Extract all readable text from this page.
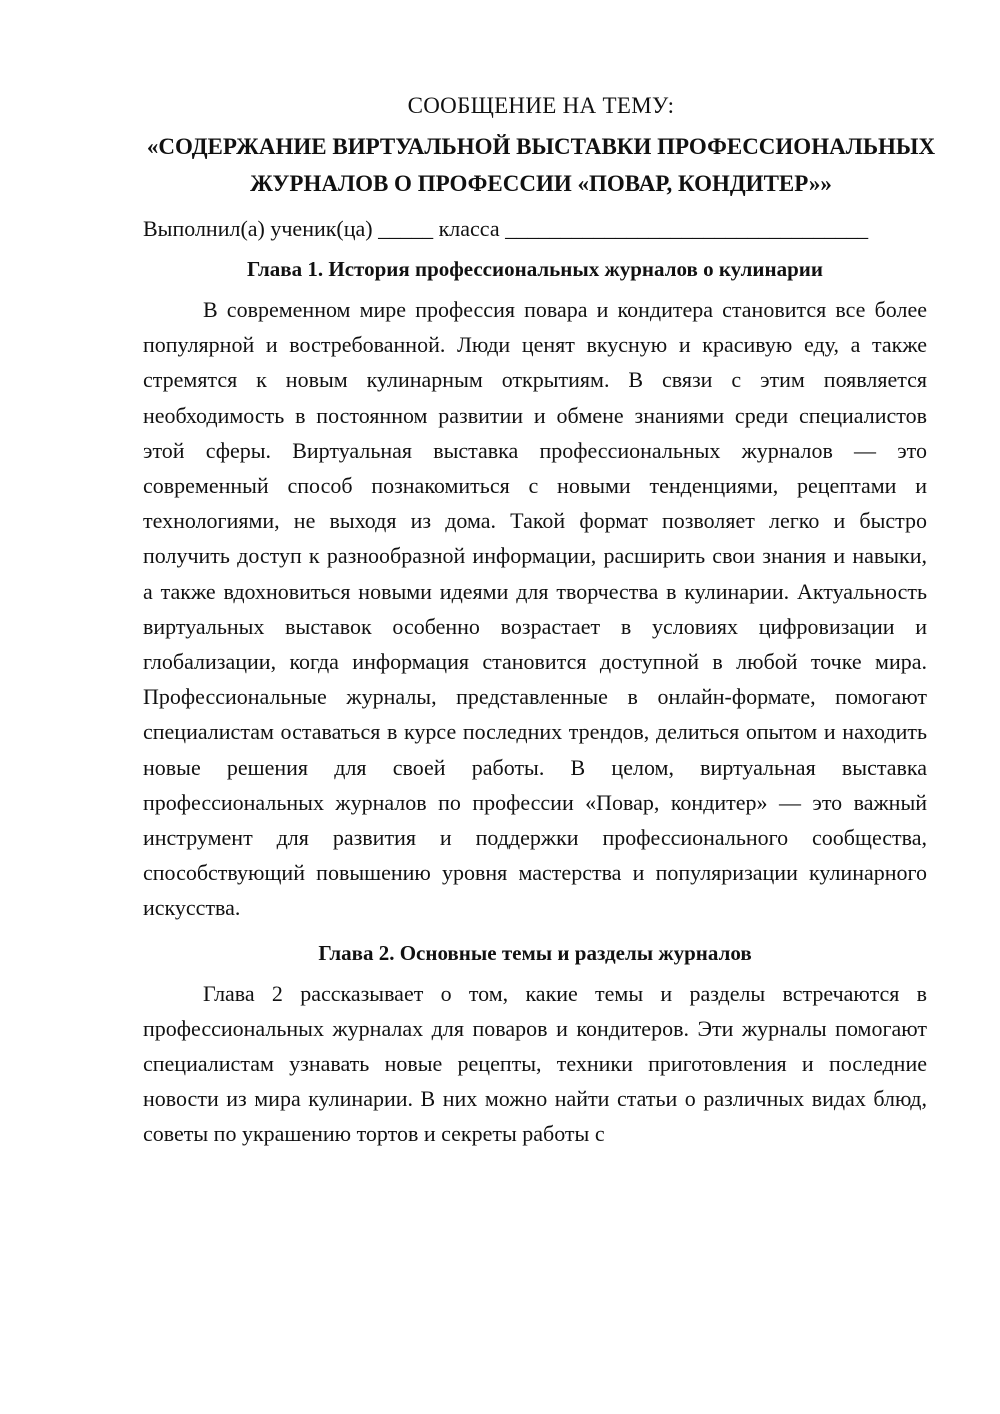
СООБЩЕНИЕ НА ТЕМУ:
«СОДЕРЖАНИЕ ВИРТУАЛЬНОЙ ВЫСТАВКИ ПРОФЕССИОНАЛЬНЫХ ЖУРНАЛОВ О ПРОФЕССИИ «ПОВАР, КОНДИТЕР»»
Выполнил(а) ученик(ца) _____ класса _________________________________
Глава 1. История профессиональных журналов о кулинарии

В современном мире профессия повара и кондитера становится все более популярной и востребованной. Люди ценят вкусную и красивую еду, а также стремятся к новым кулинарным открытиям. В связи с этим появляется необходимость в постоянном развитии и обмене знаниями среди специалистов этой сферы. Виртуальная выставка профессиональных журналов — это современный способ познакомиться с новыми тенденциями, рецептами и технологиями, не выходя из дома. Такой формат позволяет легко и быстро получить доступ к разнообразной информации, расширить свои знания и навыки, а также вдохновиться новыми идеями для творчества в кулинарии. Актуальность виртуальных выставок особенно возрастает в условиях цифровизации и глобализации, когда информация становится доступной в любой точке мира. Профессиональные журналы, представленные в онлайн-формате, помогают специалистам оставаться в курсе последних трендов, делиться опытом и находить новые решения для своей работы. В целом, виртуальная выставка профессиональных журналов по профессии «Повар, кондитер» — это важный инструмент для развития и поддержки профессионального сообщества, способствующий повышению уровня мастерства и популяризации кулинарного искусства.

Глава 2. Основные темы и разделы журналов

Глава 2 рассказывает о том, какие темы и разделы встречаются в профессиональных журналах для поваров и кондитеров. Эти журналы помогают специалистам узнавать новые рецепты, техники приготовления и последние новости из мира кулинарии. В них можно найти статьи о различных видах блюд, советы по украшению тортов и секреты работы с
